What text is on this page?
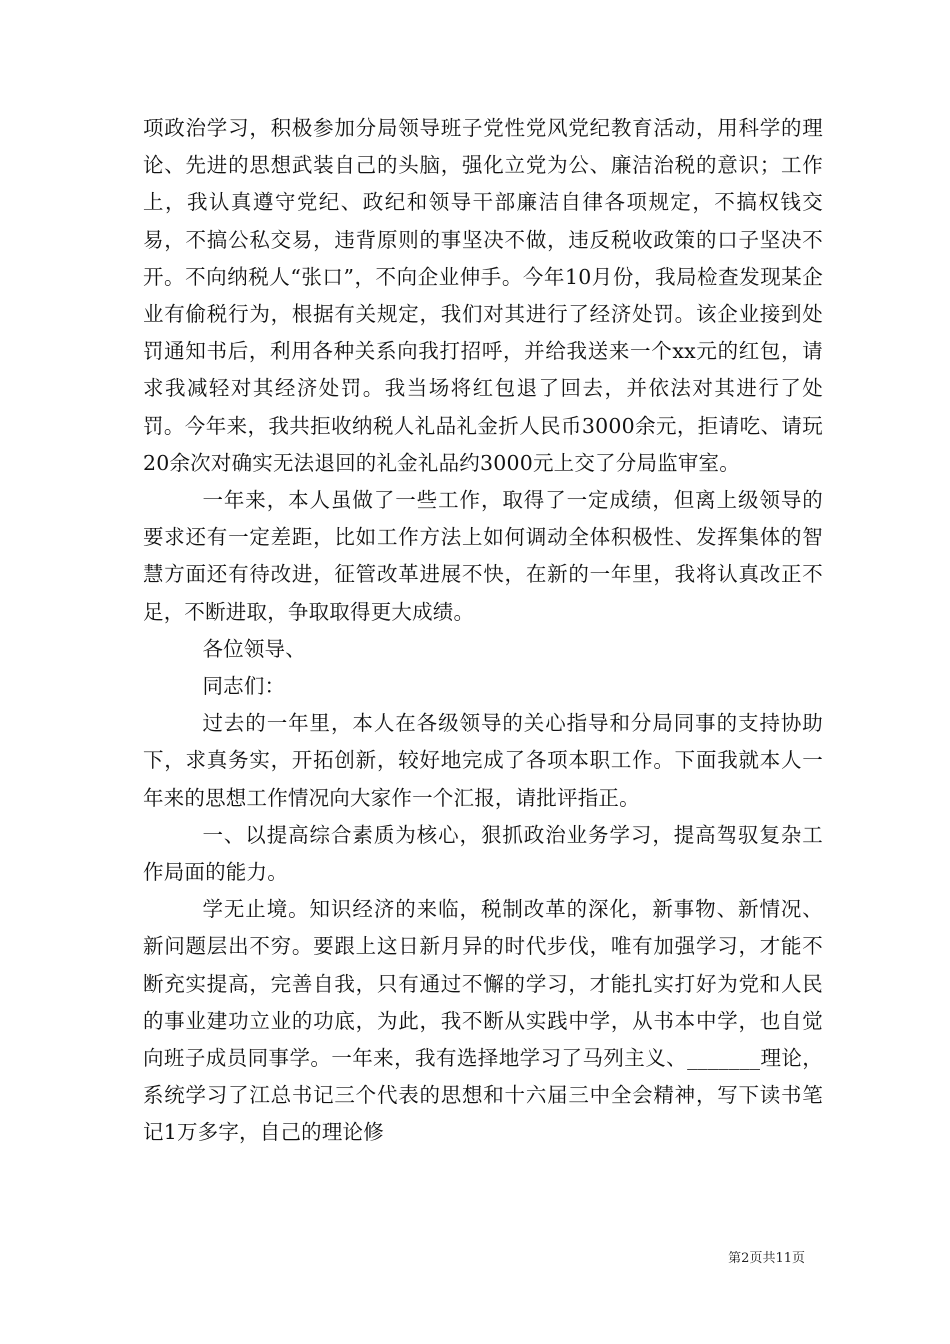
项政治学习，积极参加分局领导班子党性党风党纪教育活动，用科学的理论、先进的思想武装自己的头脑，强化立党为公、廉洁治税的意识；工作上，我认真遵守党纪、政纪和领导干部廉洁自律各项规定，不搞权钱交易，不搞公私交易，违背原则的事坚决不做，违反税收政策的口子坚决不开。不向纳税人“张口”，不向企业伸手。今年10月份，我局检查发现某企业有偷税行为，根据有关规定，我们对其进行了经济处罚。该企业接到处罚通知书后，利用各种关系向我打招呼，并给我送来一个xx元的红包，请求我减轻对其经济处罚。我当场将红包退了回去，并依法对其进行了处罚。今年来，我共拒收纳税人礼品礼金折人民币3000余元，拒请吃、请玩20余次对确实无法退回的礼金礼品约3000元上交了分局监审室。

一年来，本人虽做了一些工作，取得了一定成绩，但离上级领导的要求还有一定差距，比如工作方法上如何调动全体积极性、发挥集体的智慧方面还有待改进，征管改革进展不快，在新的一年里，我将认真改正不足，不断进取，争取取得更大成绩。

各位领导、

同志们：

过去的一年里，本人在各级领导的关心指导和分局同事的支持协助下，求真务实，开拓创新，较好地完成了各项本职工作。下面我就本人一年来的思想工作情况向大家作一个汇报，请批评指正。

一、以提高综合素质为核心，狠抓政治业务学习，提高驾驭复杂工作局面的能力。

学无止境。知识经济的来临，税制改革的深化，新事物、新情况、新问题层出不穷。要跟上这日新月异的时代步伐，唯有加强学习，才能不断充实提高，完善自我，只有通过不懈的学习，才能扎实打好为党和人民的事业建功立业的功底，为此，我不断从实践中学，从书本中学，也自觉向班子成员同事学。一年来，我有选择地学习了马列主义、_______理论，系统学习了江总书记三个代表的思想和十六届三中全会精神，写下读书笔记1万多字，自己的理论修

第2页共11页
